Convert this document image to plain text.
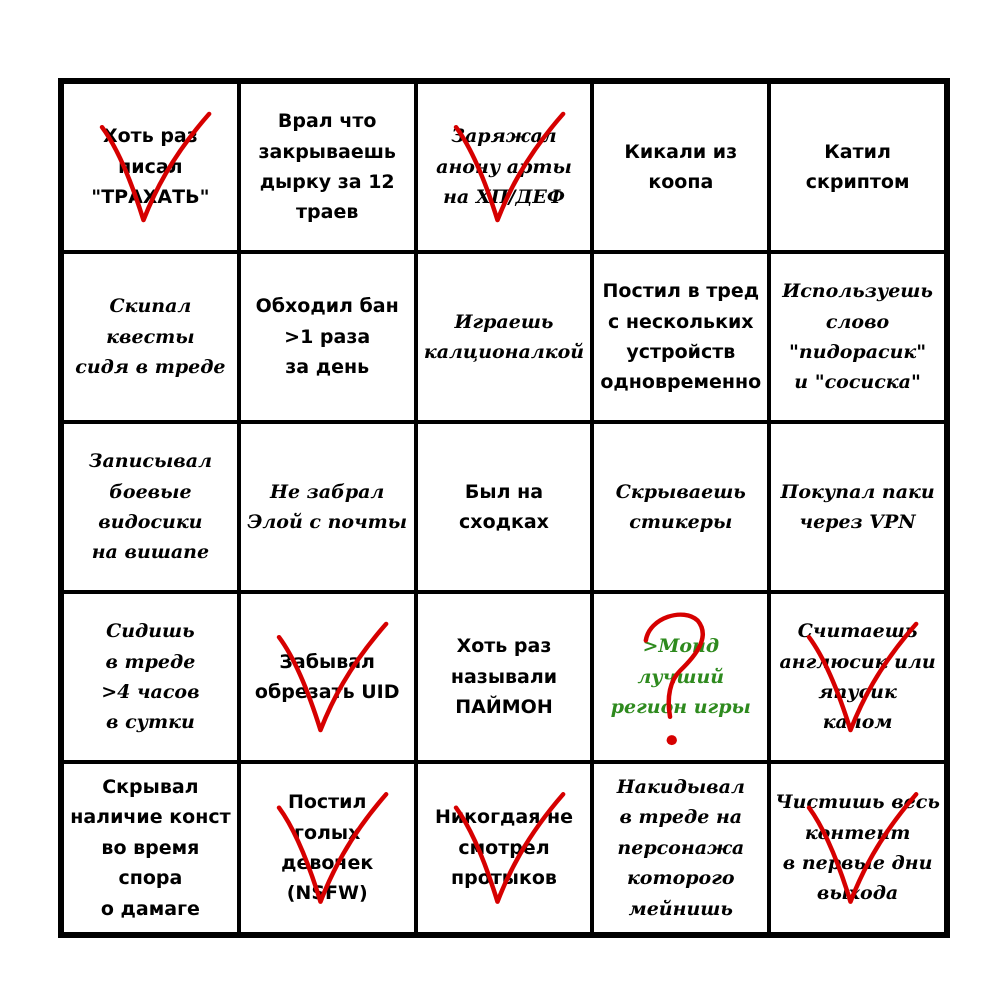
Хоть раз
писал
"ТРАХАТЬ"
Врал что
закрываешь
дырку за 12
траев
Заряжал
анону арты
на ХП/ДЕФ
Кикали из
коопа
Катил
скриптом
Скипал квесты
сидя в треде
Обходил бан
>1 раза
за день
Играешь
калционалкой
Постил в тред
с нескольких
устройств
одновременно
Используешь
слово
"пидорасик"
и "сосиска"
Записывал
боевые
видосики
на вишапе
Не забрал
Элой с почты
Был на
сходках
Скрываешь
стикеры
Покупал паки
через VPN
Сидишь
в треде
>4 часов
в сутки
Забывал
обрезать UID
Хоть раз
называли
ПАЙМОН
>Монд лучший
регион игры
Считаешь
англюсик или
япусик
калом
Скрывал
наличие конст
во время спора
о дамаге
Постил
голых
девочек
(NSFW)
Никогдая не
смотрел
протыков
Накидывал
в треде на
персонажа
которого
мейнишь
Чистишь весь
контент
в первые дни
выхода
